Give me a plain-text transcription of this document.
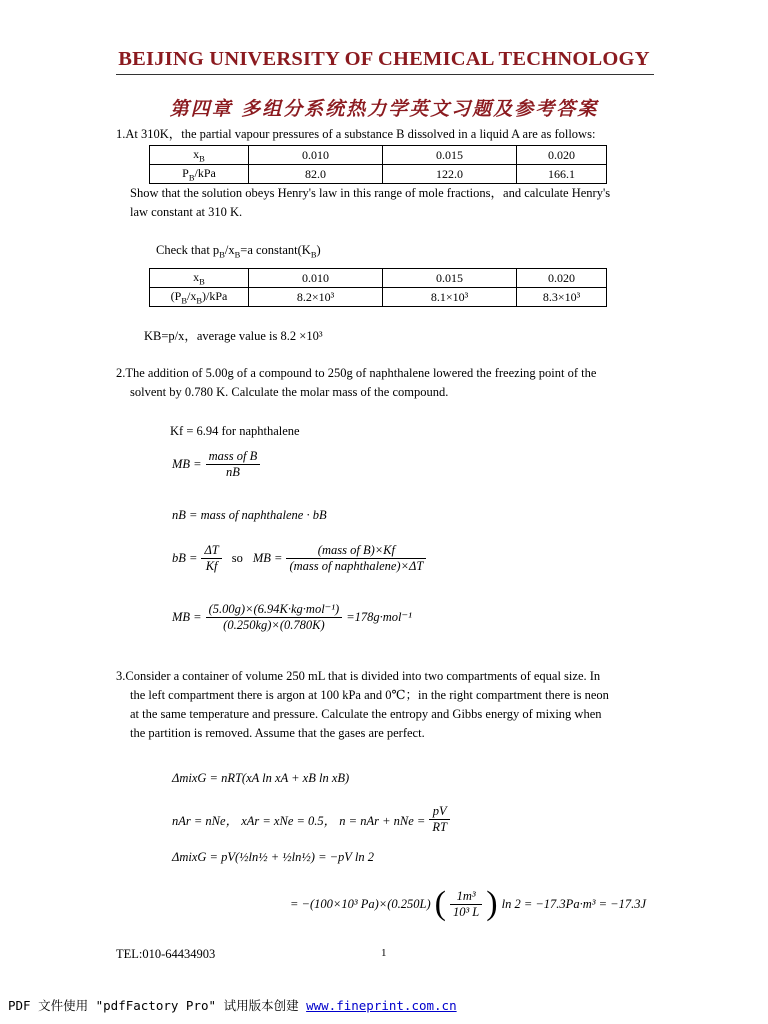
BEIJING UNIVERSITY OF CHEMICAL TECHNOLOGY
第四章 多组分系统热力学英文习题及参考答案
1.At 310K，the partial vapour pressures of a substance B dissolved in a liquid A are as follows:
$x_B$	0.010	0.015	0.020
$P_B$/kPa	82.0	122.0	166.1
Show that the solution obeys Henry's law in this range of mole fractions，and calculate Henry's
law constant at 310 K.
Check that $p_B/x_B=a$ $constant(K_B)$
$x_B$	0.010	0.015	0.020
$(P_B/x_B)$/kPa	8.2×10³	8.1×10³	8.3×10³
KB=p/x，average value is 8.2 ×10³
2.The addition of 5.00g of a compound to 250g of naphthalene lowered the freezing point of the
solvent by 0.780 K. Calculate the molar mass of the compound.
Kf = 6.94 for naphthalene
MB = $\frac{\text{mass of B}}{nB}$
nB = mass of naphthalene · bB
bB = $\frac{\Delta T}{Kf}$ so MB = $\frac{\text{(mass of B)×Kf}}{\text{(mass of naphthalene)×ΔT}}$
MB = $\frac{\text{(5.00g)×(6.94K·kg·mol⁻¹)}}{(0.250kg)\times(0.780K)} =178g\cdot mol^{-1}$
3.Consider a container of volume 250 mL that is divided into two compartments of equal size. In
the left compartment there is argon at 100 kPa and 0℃；in the right compartment there is neon
at the same temperature and pressure. Calculate the entropy and Gibbs energy of mixing when
the partition is removed. Assume that the gases are perfect.
ΔmixG = nRT(xA ln xA + xB ln xB)
nAr = nNe， xAr = xNe = 0.5， n = nAr + nNe = $\frac{pV}{RT}$
ΔmixG = pV(½ln½ + ½ln½) = −pV ln 2
= −(100×10³ Pa)×(0.250L) ( $\frac{\text{1m³}}{\text{10³ L}}$ ) ln 2 = −17.3Pa·m³ = −17.3J
TEL:010-64434903	1
PDF 文件使用 "pdfFactory Pro" 试用版本创建 www.fineprint.com.cn
